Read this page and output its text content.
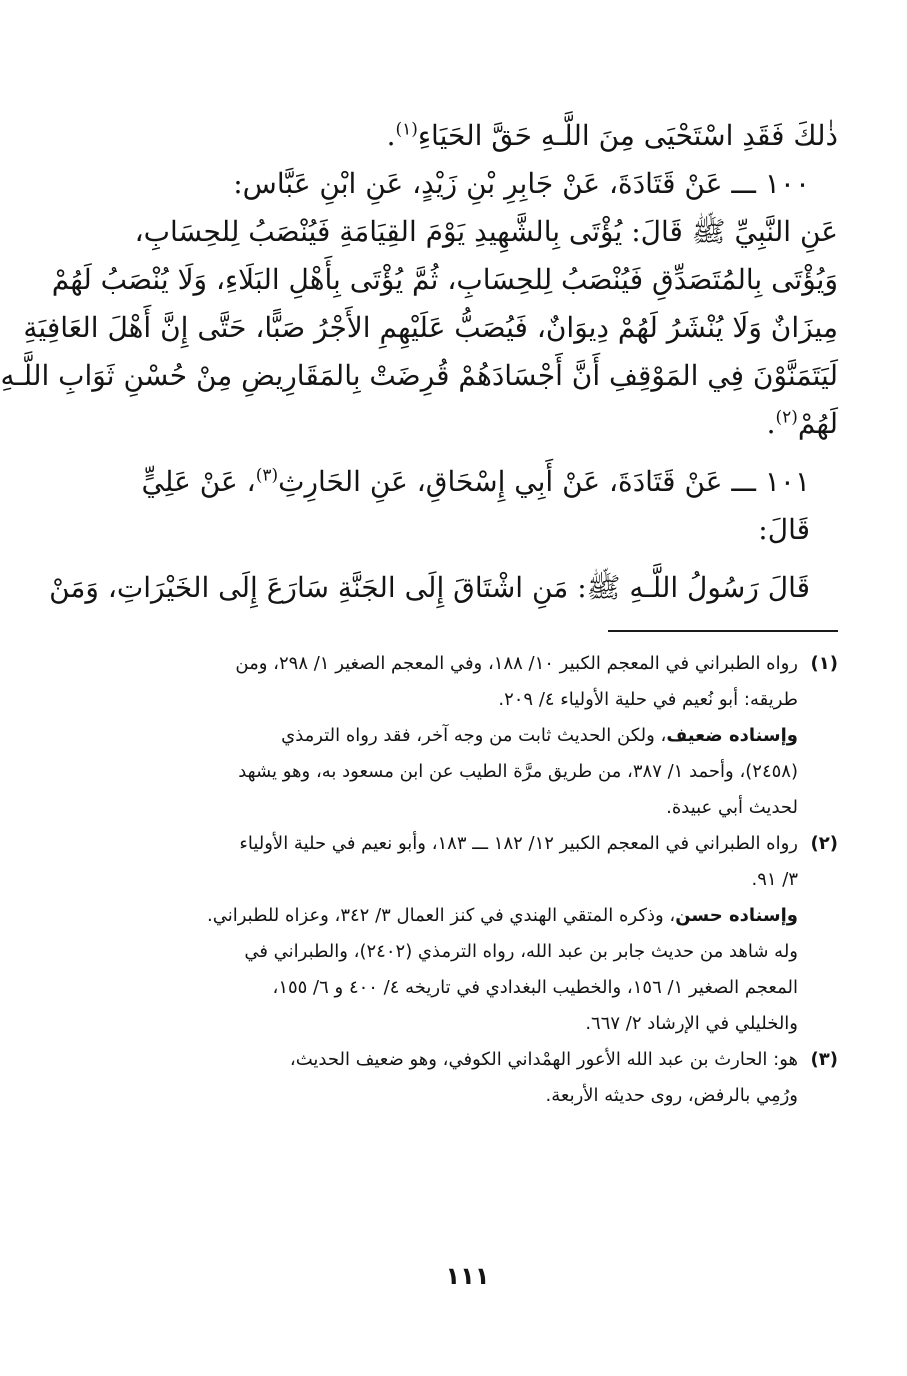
ذٰلكَ فَقَدِ اسْتَحْيَى مِنَ اللَّـهِ حَقَّ الحَيَاءِ$^{(١)}$.

١٠٠ ـــ عَنْ قَتَادَةَ، عَنْ جَابِرِ بْنِ زَيْدٍ، عَنِ ابْنِ عَبَّاس:

عَنِ النَّبِيِّ ﷺ قَالَ: يُؤْتَى بِالشَّهِيدِ يَوْمَ القِيَامَةِ فَيُنْصَبُ لِلحِسَابِ،
وَيُؤْتَى بِالمُتَصَدِّقِ فَيُنْصَبُ لِلحِسَابِ، ثُمَّ يُؤْتَى بِأَهْلِ البَلَاءِ، وَلَا يُنْصَبُ لَهُمْ
مِيزَانٌ وَلَا يُنْشَرُ لَهُمْ دِيوَانٌ، فَيُصَبُّ عَلَيْهِمِ الأَجْرُ صَبًّا، حَتَّى إِنَّ أَهْلَ العَافِيَةِ
لَيَتَمَنَّوْنَ فِي المَوْقِفِ أَنَّ أَجْسَادَهُمْ قُرِضَتْ بِالمَقَارِيضِ مِنْ حُسْنِ ثَوَابِ اللَّـهِ
لَهُمْ$^{(٢)}$.

١٠١ ـــ عَنْ قَتَادَةَ، عَنْ أَبِي إِسْحَاقِ، عَنِ الحَارِثِ$^{(٣)}$، عَنْ عَلِيٍّ
قَالَ:

قَالَ رَسُولُ اللَّـهِ ﷺ: مَنِ اشْتَاقَ إِلَى الجَنَّةِ سَارَعَ إِلَى الخَيْرَاتِ، وَمَنْ

(١)
رواه الطبراني في المعجم الكبير ١٠/ ١٨٨، وفي المعجم الصغير ١/ ٢٩٨، ومن
طريقه: أبو نُعيم في حلية الأولياء ٤/ ٢٠٩.
وإسناده ضعيف، ولكن الحديث ثابت من وجه آخر، فقد رواه الترمذي
(٢٤٥٨)، وأحمد ١/ ٣٨٧، من طريق مرَّة الطيب عن ابن مسعود به، وهو يشهد
لحديث أبي عبيدة.
(٢)
رواه الطبراني في المعجم الكبير ١٢/ ١٨٢ ـــ ١٨٣، وأبو نعيم في حلية الأولياء
٣/ ٩١.
وإسناده حسن، وذكره المتقي الهندي في كنز العمال ٣/ ٣٤٢، وعزاه للطبراني.
وله شاهد من حديث جابر بن عبد الله، رواه الترمذي (٢٤٠٢)، والطبراني في
المعجم الصغير ١/ ١٥٦، والخطيب البغدادي في تاريخه ٤/ ٤٠٠ و ٦/ ١٥٥،
والخليلي في الإرشاد ٢/ ٦٦٧.
(٣)
هو: الحارث بن عبد الله الأعور الهمْداني الكوفي، وهو ضعيف الحديث،
ورُمِي بالرفض، روى حديثه الأربعة.
١١١
